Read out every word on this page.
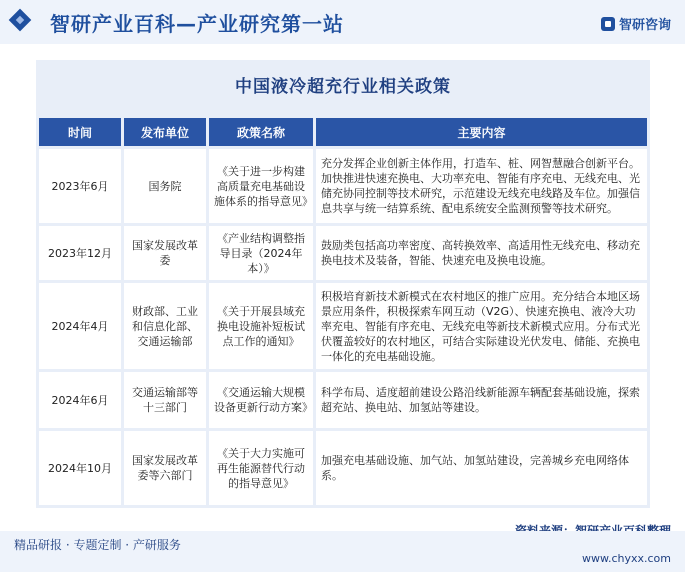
智研产业百科—产业研究第一站	智研咨询
中国液冷超充行业相关政策
时间	发布单位	政策名称	主要内容
2023年6月	国务院	《关于进一步构建高质量充电基础设施体系的指导意见》	充分发挥企业创新主体作用，打造车、桩、网智慧融合创新平台。加快推进快速充换电、大功率充电、智能有序充电、无线充电、光储充协同控制等技术研究，示范建设无线充电线路及车位。加强信息共享与统一结算系统、配电系统安全监测预警等技术研究。
2023年12月	国家发展改革委	《产业结构调整指导目录（2024年本）》	鼓励类包括高功率密度、高转换效率、高适用性无线充电、移动充换电技术及装备，智能、快速充电及换电设施。
2024年4月	财政部、工业和信息化部、交通运输部	《关于开展县域充换电设施补短板试点工作的通知》	积极培育新技术新模式在农村地区的推广应用。充分结合本地区场景应用条件，积极探索车网互动（V2G）、快速充换电、液冷大功率充电、智能有序充电、无线充电等新技术新模式应用。分布式光伏覆盖较好的农村地区，可结合实际建设光伏发电、储能、充换电一体化的充电基础设施。
2024年6月	交通运输部等十三部门	《交通运输大规模设备更新行动方案》	科学布局、适度超前建设公路沿线新能源车辆配套基础设施，探索超充站、换电站、加氢站等建设。
2024年10月	国家发展改革委等六部门	《关于大力实施可再生能源替代行动的指导意见》	加强充电基础设施、加气站、加氢站建设，完善城乡充电网络体系。
精品研报 · 专题定制 · 产研服务
www.chyxx.com
